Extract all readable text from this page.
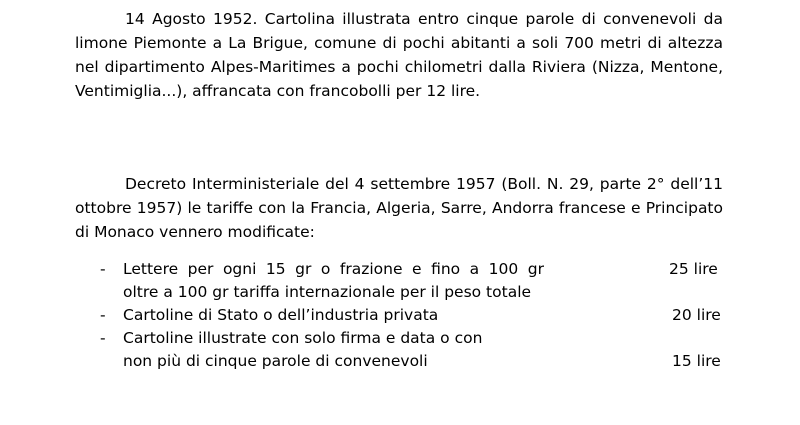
14 Agosto 1952. Cartolina illustrata entro cinque parole di convenevoli da limone Piemonte a La Brigue, comune di pochi abitanti a soli 700 metri di altezza nel dipartimento Alpes-Maritimes a pochi chilometri dalla Riviera (Nizza, Mentone, Ventimiglia...), affrancata con francobolli per 12 lire.

Decreto Interministeriale del 4 settembre 1957 (Boll. N. 29, parte 2° dell’11 ottobre 1957) le tariffe con la Francia, Algeria, Sarre, Andorra francese e Principato di Monaco vennero modificate:

- Lettere per ogni 15 gr o frazione e fino a 100 gr	25 lire
oltre a 100 gr tariffa internazionale per il peso totale
- Cartoline di Stato o dell’industria privata	20 lire
- Cartoline illustrate con solo firma e data o con
non più di cinque parole di convenevoli	15 lire
